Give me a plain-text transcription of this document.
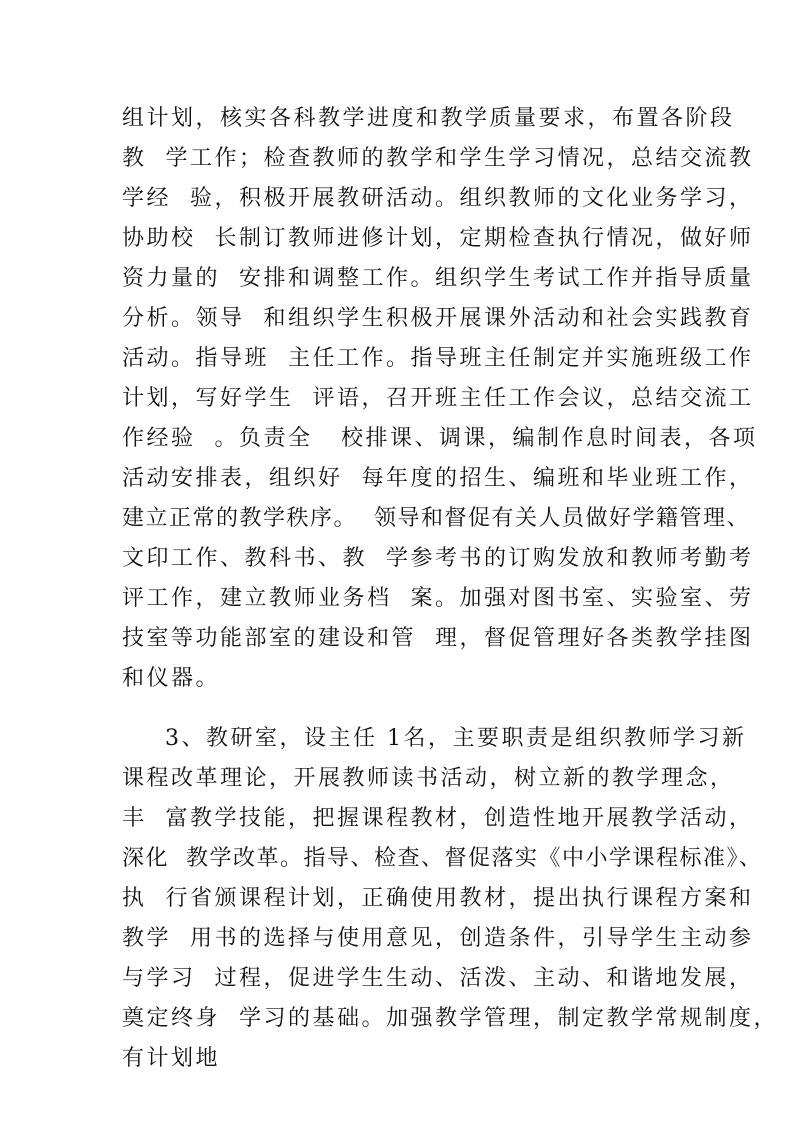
组计划，核实各科教学进度和教学质量要求，布置各阶段
教  学工作；检查教师的教学和学生学习情况，总结交流教
学经  验，积极开展教研活动。组织教师的文化业务学习，
协助校  长制订教师进修计划，定期检查执行情况，做好师
资力量的  安排和调整工作。组织学生考试工作并指导质量
分析。领导  和组织学生积极开展课外活动和社会实践教育
活动。指导班  主任工作。指导班主任制定并实施班级工作
计划，写好学生  评语，召开班主任工作会议，总结交流工
作经验  。负责全   校排课、调课，编制作息时间表，各项
活动安排表，组织好  每年度的招生、编班和毕业班工作，
建立正常的教学秩序。  领导和督促有关人员做好学籍管理、
文印工作、教科书、教  学参考书的订购发放和教师考勤考
评工作，建立教师业务档  案。加强对图书室、实验室、劳
技室等功能部室的建设和管  理，督促管理好各类教学挂图
和仪器。
3、教研室，设主任 1名，主要职责是组织教师学习新
课程改革理论，开展教师读书活动，树立新的教学理念，
丰  富教学技能，把握课程教材，创造性地开展教学活动，
深化  教学改革。指导、检查、督促落实《中小学课程标准》、
执  行省颁课程计划，正确使用教材，提出执行课程方案和
教学  用书的选择与使用意见，创造条件，引导学生主动参
与学习  过程，促进学生生动、活泼、主动、和谐地发展，
奠定终身  学习的基础。加强教学管理，制定教学常规制度，
有计划地
